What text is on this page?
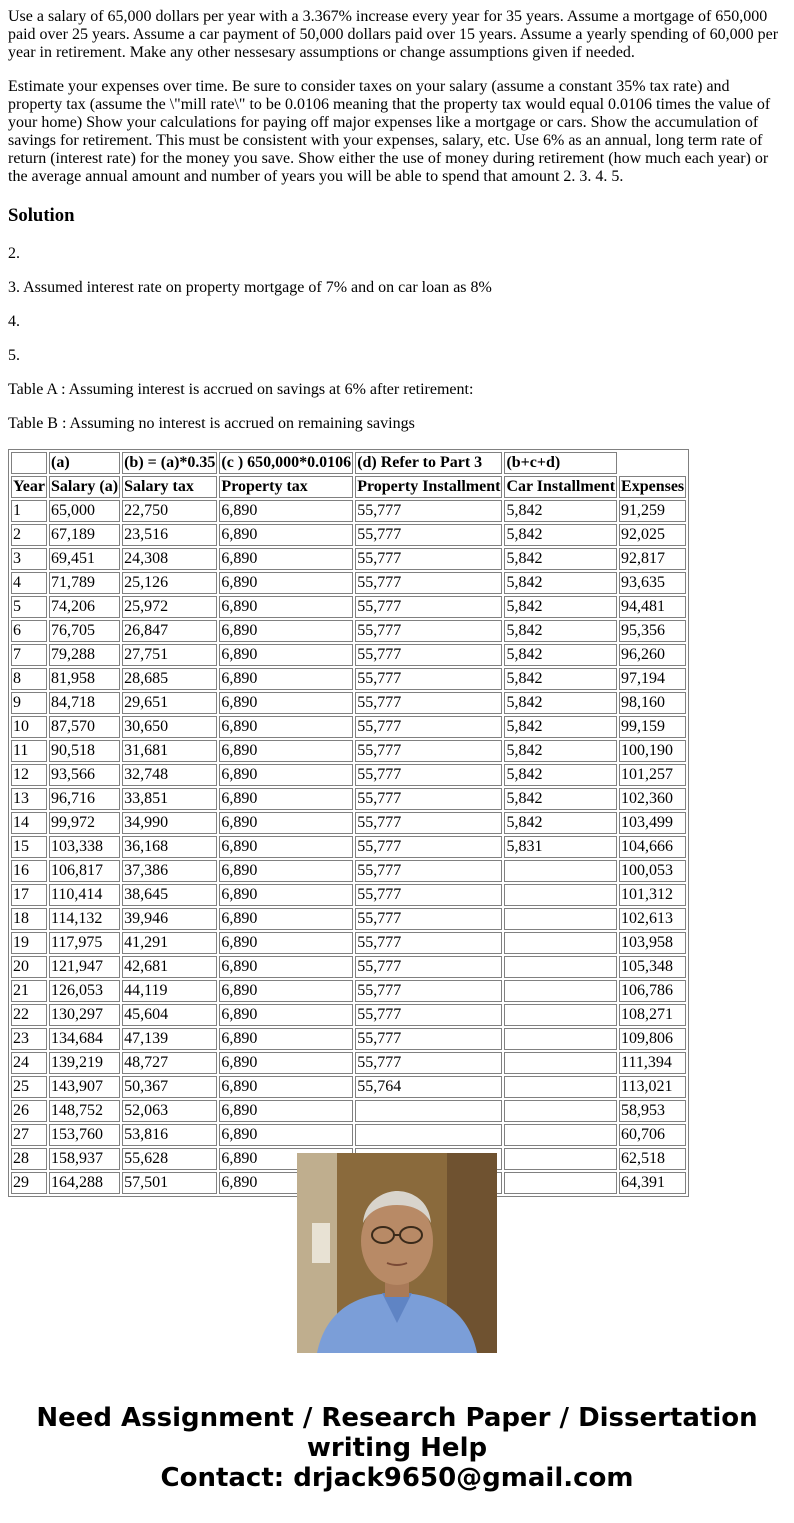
Use a salary of 65,000 dollars per year with a 3.367% increase every year for 35 years. Assume a mortgage of 650,000 paid over 25 years. Assume a car payment of 50,000 dollars paid over 15 years. Assume a yearly spending of 60,000 per year in retirement. Make any other nessesary assumptions or change assumptions given if needed.

Estimate your expenses over time. Be sure to consider taxes on your salary (assume a constant 35% tax rate) and property tax (assume the \"mill rate\" to be 0.0106 meaning that the property tax would equal 0.0106 times the value of your home) Show your calculations for paying off major expenses like a mortgage or cars. Show the accumulation of savings for retirement. This must be consistent with your expenses, salary, etc. Use 6% as an annual, long term rate of return (interest rate) for the money you save. Show either the use of money during retirement (how much each year) or the average annual amount and number of years you will be able to spend that amount 2. 3. 4. 5.

Solution

2.

3. Assumed interest rate on property mortgage of 7% and on car loan as 8%

4.

5.

Table A : Assuming interest is accrued on savings at 6% after retirement:

Table B : Assuming no interest is accrued on remaining savings

	(a)	(b) = (a)*0.35	(c ) 650,000*0.0106	(d) Refer to Part 3	(b+c+d)	
Year	Salary (a)	Salary tax	Property tax	Property Installment	Car Installment	Expenses
1	65,000	22,750	6,890	55,777	5,842	91,259
2	67,189	23,516	6,890	55,777	5,842	92,025
3	69,451	24,308	6,890	55,777	5,842	92,817
4	71,789	25,126	6,890	55,777	5,842	93,635
5	74,206	25,972	6,890	55,777	5,842	94,481
6	76,705	26,847	6,890	55,777	5,842	95,356
7	79,288	27,751	6,890	55,777	5,842	96,260
8	81,958	28,685	6,890	55,777	5,842	97,194
9	84,718	29,651	6,890	55,777	5,842	98,160
10	87,570	30,650	6,890	55,777	5,842	99,159
11	90,518	31,681	6,890	55,777	5,842	100,190
12	93,566	32,748	6,890	55,777	5,842	101,257
13	96,716	33,851	6,890	55,777	5,842	102,360
14	99,972	34,990	6,890	55,777	5,842	103,499
15	103,338	36,168	6,890	55,777	5,831	104,666
16	106,817	37,386	6,890	55,777		100,053
17	110,414	38,645	6,890	55,777		101,312
18	114,132	39,946	6,890	55,777		102,613
19	117,975	41,291	6,890	55,777		103,958
20	121,947	42,681	6,890	55,777		105,348
21	126,053	44,119	6,890	55,777		106,786
22	130,297	45,604	6,890	55,777		108,271
23	134,684	47,139	6,890	55,777		109,806
24	139,219	48,727	6,890	55,777		111,394
25	143,907	50,367	6,890	55,764		113,021
26	148,752	52,063	6,890			58,953
27	153,760	53,816	6,890			60,706
28	158,937	55,628	6,890			62,518
29	164,288	57,501	6,890			64,391
Need Assignment / Research Paper / Dissertation
writing Help
Contact: drjack9650@gmail.com
